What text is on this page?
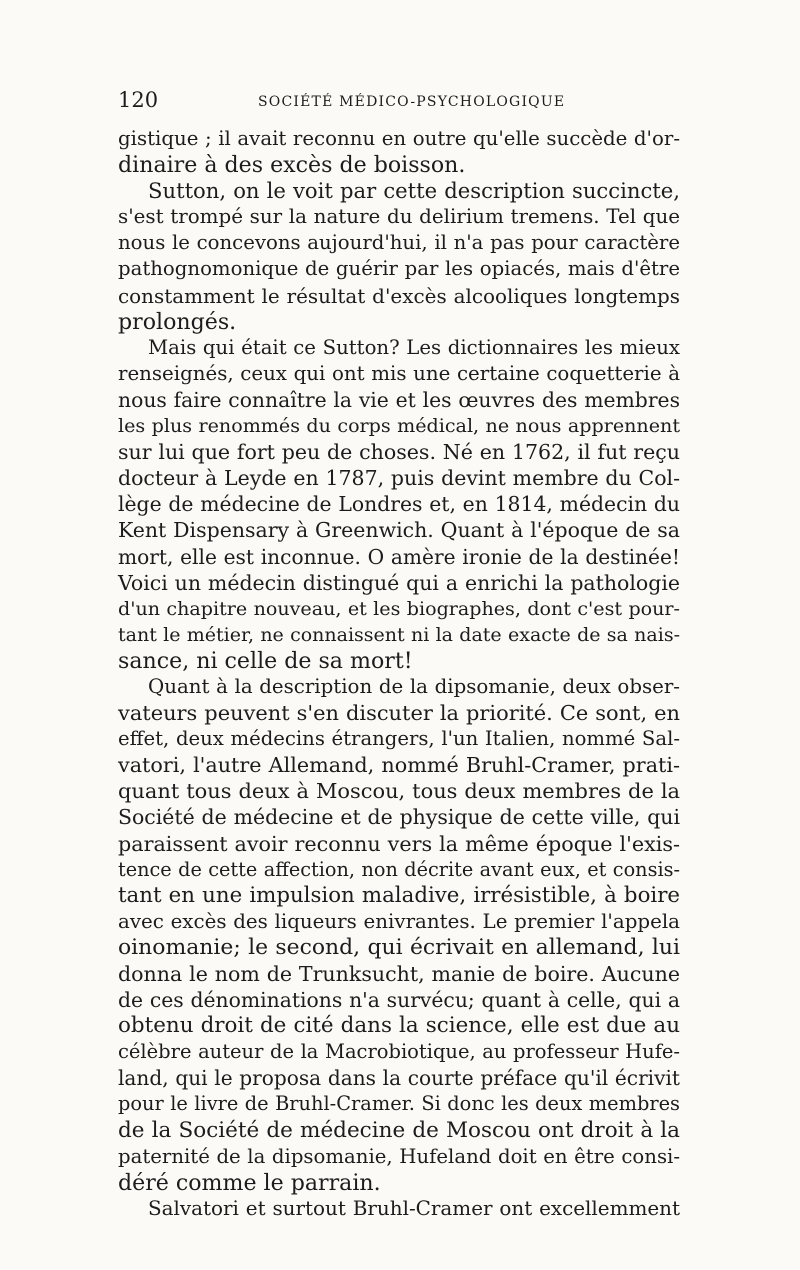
120	SOCIÉTÉ MÉDICO-PSYCHOLOGIQUE
gistique ; il avait reconnu en outre qu'elle succède d'or-
dinaire à des excès de boisson.
Sutton, on le voit par cette description succincte,
s'est trompé sur la nature du delirium tremens. Tel que
nous le concevons aujourd'hui, il n'a pas pour caractère
pathognomonique de guérir par les opiacés, mais d'être
constamment le résultat d'excès alcooliques longtemps
prolongés.
Mais qui était ce Sutton? Les dictionnaires les mieux
renseignés, ceux qui ont mis une certaine coquetterie à
nous faire connaître la vie et les œuvres des membres
les plus renommés du corps médical, ne nous apprennent
sur lui que fort peu de choses. Né en 1762, il fut reçu
docteur à Leyde en 1787, puis devint membre du Col-
lège de médecine de Londres et, en 1814, médecin du
Kent Dispensary à Greenwich. Quant à l'époque de sa
mort, elle est inconnue. O amère ironie de la destinée!
Voici un médecin distingué qui a enrichi la pathologie
d'un chapitre nouveau, et les biographes, dont c'est pour-
tant le métier, ne connaissent ni la date exacte de sa nais-
sance, ni celle de sa mort!
Quant à la description de la dipsomanie, deux obser-
vateurs peuvent s'en discuter la priorité. Ce sont, en
effet, deux médecins étrangers, l'un Italien, nommé Sal-
vatori, l'autre Allemand, nommé Bruhl-Cramer, prati-
quant tous deux à Moscou, tous deux membres de la
Société de médecine et de physique de cette ville, qui
paraissent avoir reconnu vers la même époque l'exis-
tence de cette affection, non décrite avant eux, et consis-
tant en une impulsion maladive, irrésistible, à boire
avec excès des liqueurs enivrantes. Le premier l'appela
oinomanie; le second, qui écrivait en allemand, lui
donna le nom de Trunksucht, manie de boire. Aucune
de ces dénominations n'a survécu; quant à celle, qui a
obtenu droit de cité dans la science, elle est due au
célèbre auteur de la Macrobiotique, au professeur Hufe-
land, qui le proposa dans la courte préface qu'il écrivit
pour le livre de Bruhl-Cramer. Si donc les deux membres
de la Société de médecine de Moscou ont droit à la
paternité de la dipsomanie, Hufeland doit en être consi-
déré comme le parrain.
Salvatori et surtout Bruhl-Cramer ont excellemment
